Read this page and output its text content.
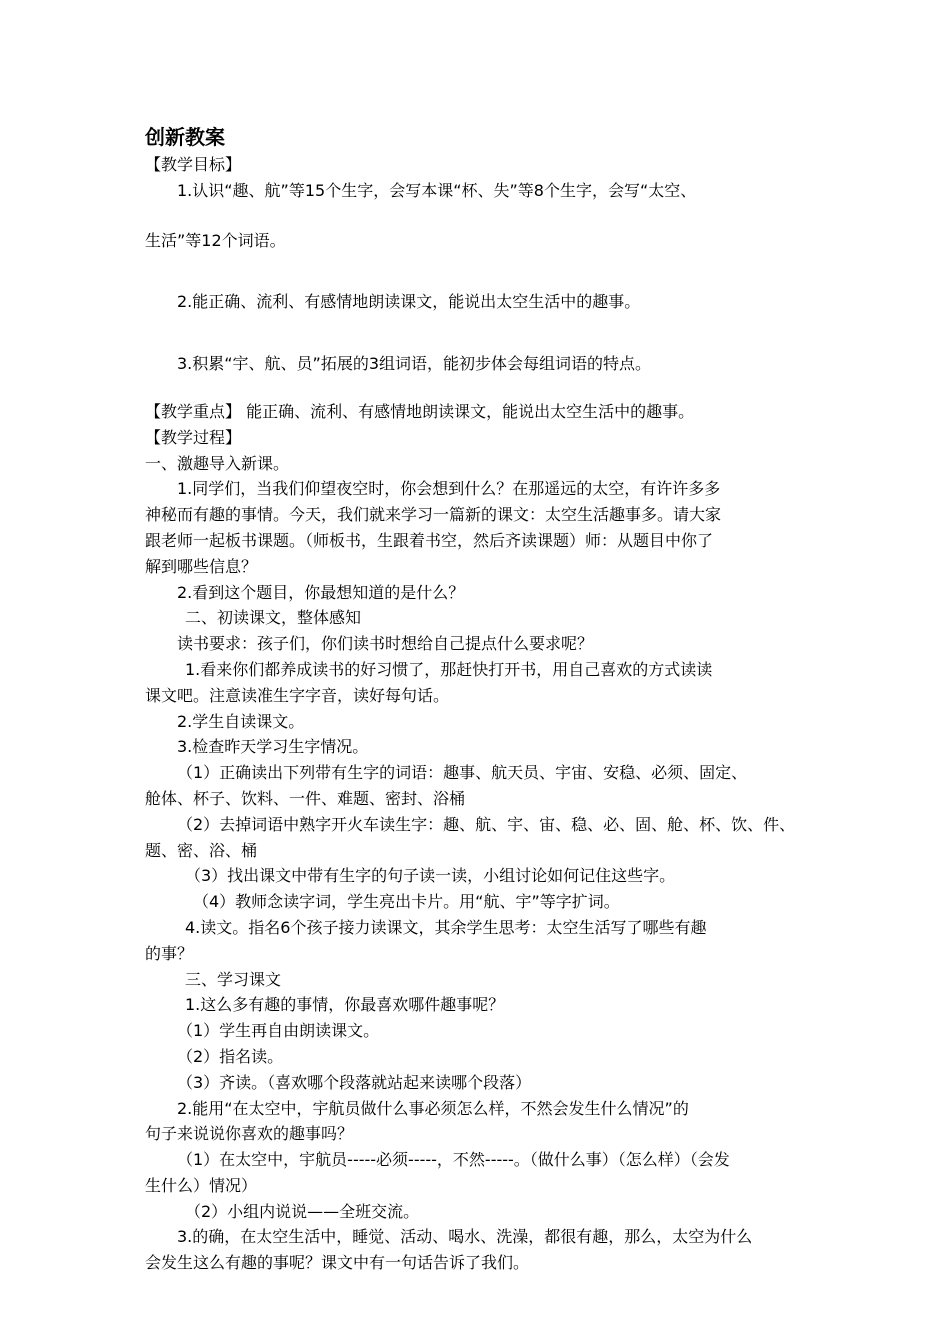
创新教案
【教学目标】
1.认识“趣、航”等15个生字，会写本课“杯、失”等8个生字，会写“太空、
生活”等12个词语。
2.能正确、流利、有感情地朗读课文，能说出太空生活中的趣事。
3.积累“宇、航、员”拓展的3组词语，能初步体会每组词语的特点。
【教学重点】 能正确、流利、有感情地朗读课文，能说出太空生活中的趣事。
【教学过程】
一、激趣导入新课。
1.同学们，当我们仰望夜空时，你会想到什么？在那遥远的太空，有许许多多
神秘而有趣的事情。今天，我们就来学习一篇新的课文：太空生活趣事多。请大家
跟老师一起板书课题。（师板书，生跟着书空，然后齐读课题）师：从题目中你了
解到哪些信息？
2.看到这个题目，你最想知道的是什么？
二、初读课文，整体感知
读书要求：孩子们，你们读书时想给自己提点什么要求呢？
1.看来你们都养成读书的好习惯了，那赶快打开书，用自己喜欢的方式读读
课文吧。注意读准生字字音，读好每句话。
2.学生自读课文。
3.检查昨天学习生字情况。
（1）正确读出下列带有生字的词语：趣事、航天员、宇宙、安稳、必须、固定、
舱体、杯子、饮料、一件、难题、密封、浴桶
（2）去掉词语中熟字开火车读生字：趣、航、宇、宙、稳、必、固、舱、杯、饮、件、
题、密、浴、桶
（3）找出课文中带有生字的句子读一读，小组讨论如何记住这些字。
（4）教师念读字词，学生亮出卡片。用“航、宇”等字扩词。
4.读文。指名6个孩子接力读课文，其余学生思考：太空生活写了哪些有趣
的事？
三、学习课文
1.这么多有趣的事情，你最喜欢哪件趣事呢？
（1）学生再自由朗读课文。
（2）指名读。
（3）齐读。（喜欢哪个段落就站起来读哪个段落）
2.能用“在太空中，宇航员做什么事必须怎么样，不然会发生什么情况”的
句子来说说你喜欢的趣事吗？
（1）在太空中，宇航员-----必须-----，不然-----。（做什么事）（怎么样）（会发
生什么）情况）
（2）小组内说说——全班交流。
3.的确，在太空生活中，睡觉、活动、喝水、洗澡，都很有趣，那么，太空为什么
会发生这么有趣的事呢？课文中有一句话告诉了我们。
